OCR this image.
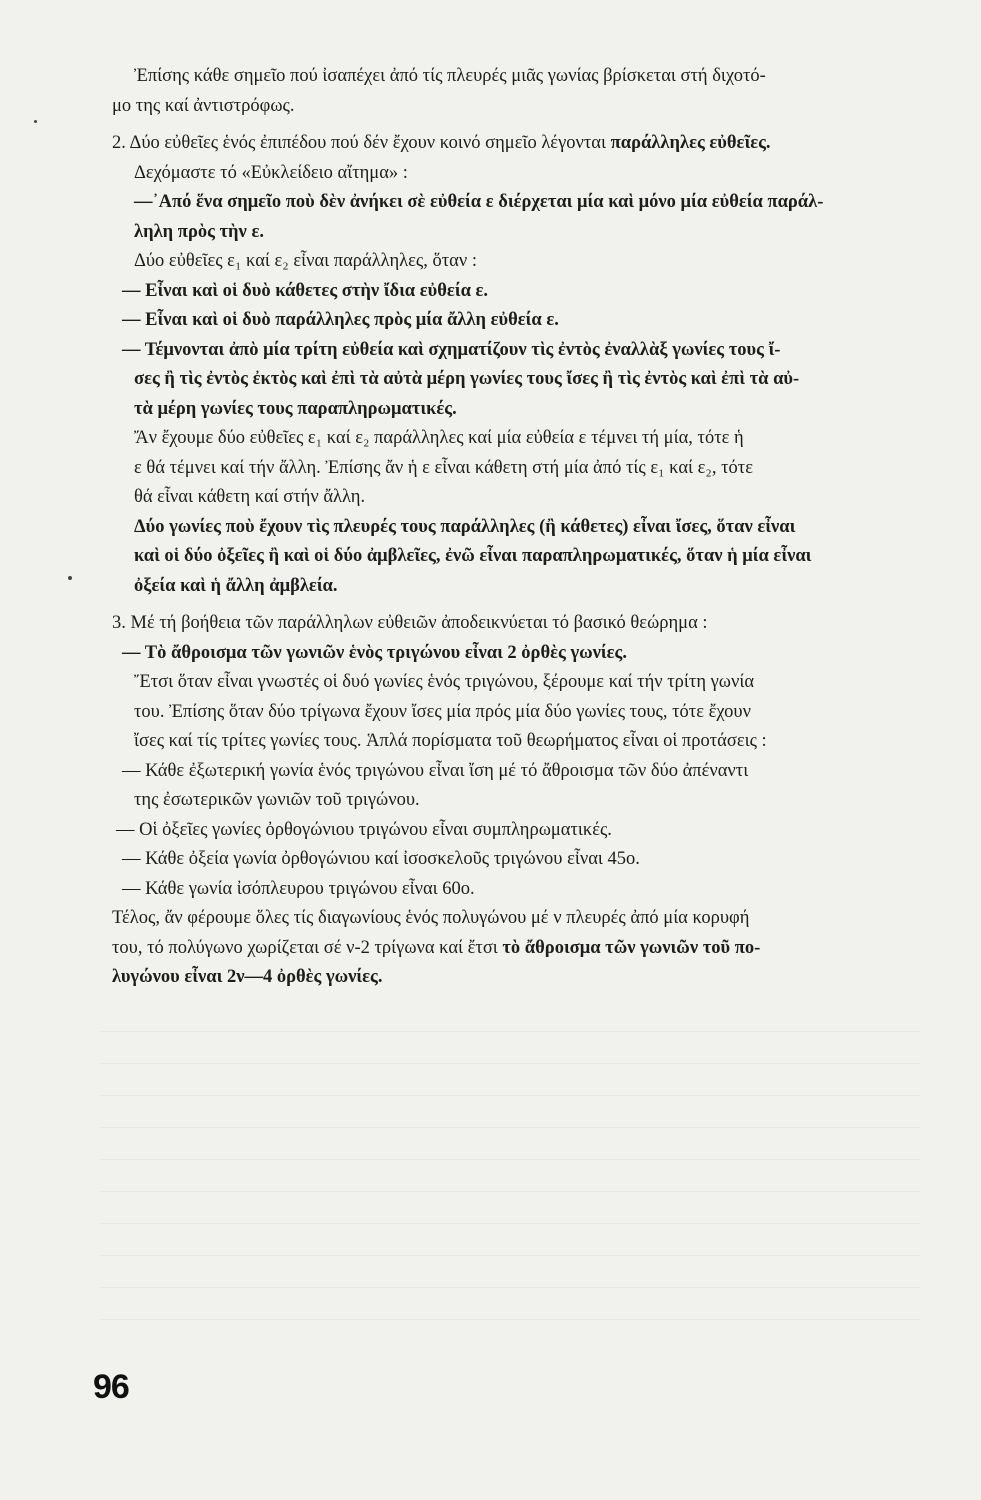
Ἐπίσης κάθε σημεῖο πού ἰσαπέχει ἀπό τίς πλευρές μιᾶς γωνίας βρίσκεται στή διχοτό-
μο της καί ἀντιστρόφως.
2. Δύο εὐθεῖες ἑνός ἐπιπέδου πού δέν ἔχουν κοινό σημεῖο λέγονται παράλληλες εὐθεῖες.
Δεχόμαστε τό «Εὐκλείδειο αἴτημα» :
—᾿Από ἕνα σημεῖο ποὺ δὲν ἀνήκει σὲ εὐθεία ε διέρχεται μία καὶ μόνο μία εὐθεία παράλ-
ληλη πρὸς τὴν ε.
Δύο εὐθεῖες ε₁ καί ε₂ εἶναι παράλληλες, ὅταν :
— Εἶναι καὶ οἱ δυὸ κάθετες στὴν ἴδια εὐθεία ε.
— Εἶναι καὶ οἱ δυὸ παράλληλες πρὸς μία ἄλλη εὐθεία ε.
— Τέμνονται ἀπὸ μία τρίτη εὐθεία καὶ σχηματίζουν τὶς ἐντὸς ἐναλλὰξ γωνίες τους ἴ-
σες ἢ τὶς ἐντὸς ἐκτὸς καὶ ἐπὶ τὰ αὐτὰ μέρη γωνίες τους ἴσες ἢ τὶς ἐντὸς καὶ ἐπὶ τὰ αὐ-
τὰ μέρη γωνίες τους παραπληρωματικές.
Ἄν ἔχουμε δύο εὐθεῖες ε₁ καί ε₂ παράλληλες καί μία εὐθεία ε τέμνει τή μία, τότε ἡ
ε θά τέμνει καί τήν ἄλλη. Ἐπίσης ἄν ἡ ε εἶναι κάθετη στή μία ἀπό τίς ε₁ καί ε₂, τότε
θά εἶναι κάθετη καί στήν ἄλλη.
Δύο γωνίες ποὺ ἔχουν τὶς πλευρές τους παράλληλες (ἢ κάθετες) εἶναι ἴσες, ὅταν εἶναι
καὶ οἱ δύο ὀξεῖες ἢ καὶ οἱ δύο ἀμβλεῖες, ἐνῶ εἶναι παραπληρωματικές, ὅταν ἡ μία εἶναι
ὀξεία καὶ ἡ ἄλλη ἀμβλεία.
3. Μέ τή βοήθεια τῶν παράλληλων εὐθειῶν ἀποδεικνύεται τό βασικό θεώρημα :
— Τὸ ἄθροισμα τῶν γωνιῶν ἑνὸς τριγώνου εἶναι 2 ὀρθὲς γωνίες.
Ἔτσι ὅταν εἶναι γνωστές οἱ δυό γωνίες ἑνός τριγώνου, ξέρουμε καί τήν τρίτη γωνία
του. Ἐπίσης ὅταν δύο τρίγωνα ἔχουν ἴσες μία πρός μία δύο γωνίες τους, τότε ἔχουν
ἴσες καί τίς τρίτες γωνίες τους. Ἁπλά πορίσματα τοῦ θεωρήματος εἶναι οἱ προτάσεις :
— Κάθε ἐξωτερική γωνία ἑνός τριγώνου εἶναι ἴση μέ τό ἄθροισμα τῶν δύο ἀπέναντι
της ἐσωτερικῶν γωνιῶν τοῦ τριγώνου.
— Οἱ ὀξεῖες γωνίες ὀρθογώνιου τριγώνου εἶναι συμπληρωματικές.
— Κάθε ὀξεία γωνία ὀρθογώνιου καί ἰσοσκελοῦς τριγώνου εἶναι 45ο.
— Κάθε γωνία ἰσόπλευρου τριγώνου εἶναι 60ο.
Τέλος, ἄν φέρουμε ὅλες τίς διαγωνίους ἑνός πολυγώνου μέ ν πλευρές ἀπό μία κορυφή
του, τό πολύγωνο χωρίζεται σέ ν-2 τρίγωνα καί ἔτσι τὸ ἄθροισμα τῶν γωνιῶν τοῦ πο-
λυγώνου εἶναι 2ν—4 ὀρθὲς γωνίες.
96
